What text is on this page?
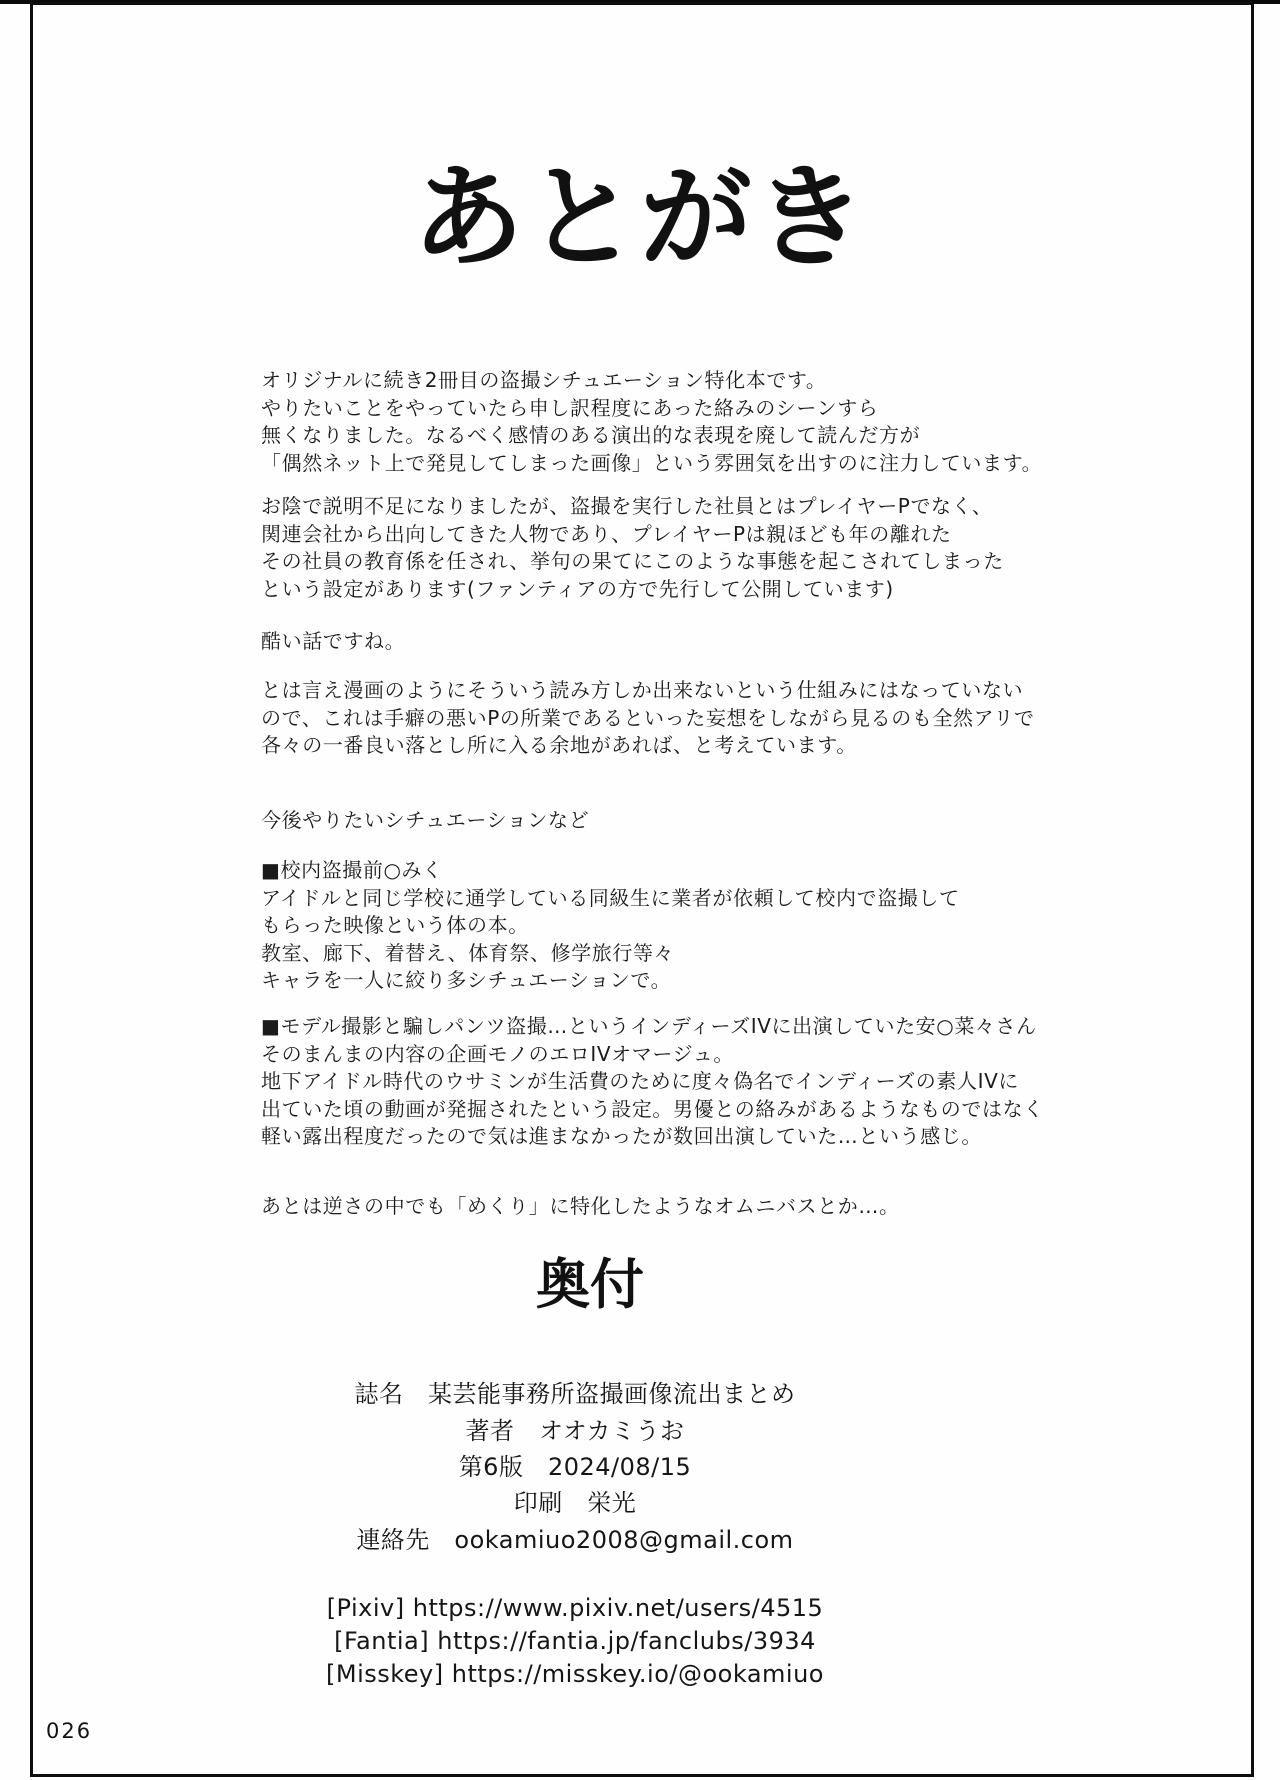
あとがき
オリジナルに続き2冊目の盗撮シチュエーション特化本です。
やりたいことをやっていたら申し訳程度にあった絡みのシーンすら
無くなりました。なるべく感情のある演出的な表現を廃して読んだ方が
「偶然ネット上で発見してしまった画像」という雰囲気を出すのに注力しています。
お陰で説明不足になりましたが、盗撮を実行した社員とはプレイヤーPでなく、
関連会社から出向してきた人物であり、プレイヤーPは親ほども年の離れた
その社員の教育係を任され、挙句の果てにこのような事態を起こされてしまった
という設定があります(ファンティアの方で先行して公開しています)
酷い話ですね。
とは言え漫画のようにそういう読み方しか出来ないという仕組みにはなっていない
ので、これは手癖の悪いPの所業であるといった妄想をしながら見るのも全然アリで
各々の一番良い落とし所に入る余地があれば、と考えています。
今後やりたいシチュエーションなど
■校内盗撮前○みく
アイドルと同じ学校に通学している同級生に業者が依頼して校内で盗撮して
もらった映像という体の本。
教室、廊下、着替え、体育祭、修学旅行等々
キャラを一人に絞り多シチュエーションで。
■モデル撮影と騙しパンツ盗撮…というインディーズIVに出演していた安○菜々さん
そのまんまの内容の企画モノのエロIVオマージュ。
地下アイドル時代のウサミンが生活費のために度々偽名でインディーズの素人IVに
出ていた頃の動画が発掘されたという設定。男優との絡みがあるようなものではなく
軽い露出程度だったので気は進まなかったが数回出演していた…という感じ。
あとは逆さの中でも「めくり」に特化したようなオムニバスとか…。
奥付
誌名　某芸能事務所盗撮画像流出まとめ
著者　オオカミうお
第6版　2024/08/15
印刷　栄光
連絡先　ookamiuo2008@gmail.com
[Pixiv] https://www.pixiv.net/users/4515
[Fantia] https://fantia.jp/fanclubs/3934
[Misskey] https://misskey.io/@ookamiuo
026
